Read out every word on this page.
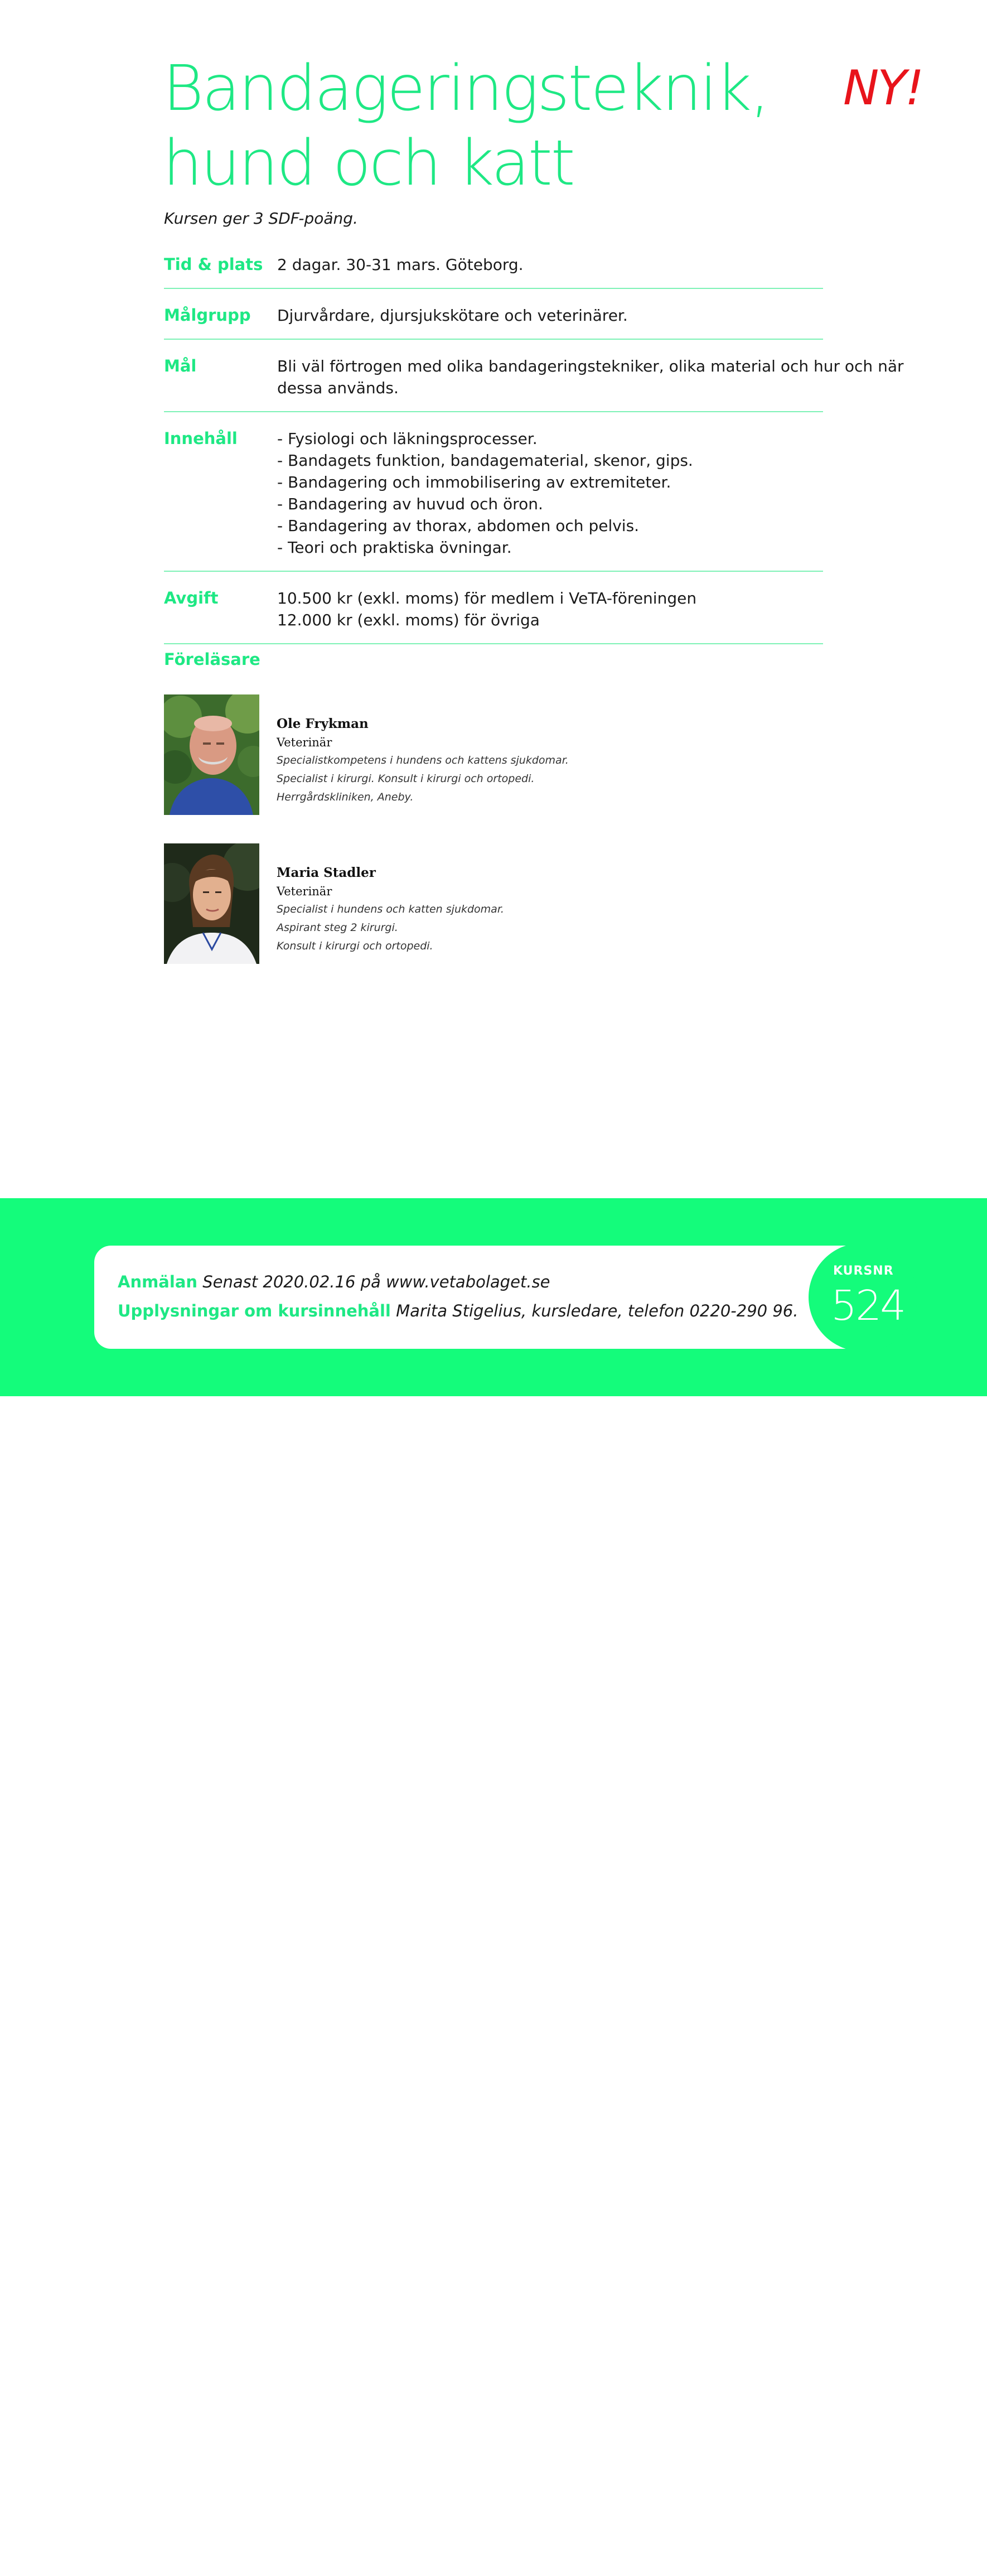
Bandageringsteknik,
hund och katt
NY!
Kursen ger 3 SDF-poäng.
Tid & plats 2 dagar. 30-31 mars. Göteborg.
Målgrupp	Djurvårdare, djursjukskötare och veterinärer.
Mål	Bli väl förtrogen med olika bandageringstekniker, olika material och hur och när
dessa används.
Innehåll	- Fysiologi och läkningsprocesser.
- Bandagets funktion, bandagematerial, skenor, gips.
- Bandagering och immobilisering av extremiteter.
- Bandagering av huvud och öron.
- Bandagering av thorax, abdomen och pelvis.
- Teori och praktiska övningar.
Avgift	10.500 kr (exkl. moms) för medlem i VeTA-föreningen
12.000 kr (exkl. moms) för övriga
Föreläsare
Ole Frykman
Veterinär
Specialistkompetens i hundens och kattens sjukdomar.
Specialist i kirurgi. Konsult i kirurgi och ortopedi.
Herrgårdskliniken, Aneby.
Maria Stadler
Veterinär
Specialist i hundens och katten sjukdomar.
Aspirant steg 2 kirurgi.
Konsult i kirurgi och ortopedi.
Anmälan Senast 2020.02.16 på www.vetabolaget.se
Upplysningar om kursinnehåll Marita Stigelius, kursledare, telefon 0220-290 96.
KURSNR
524
16
